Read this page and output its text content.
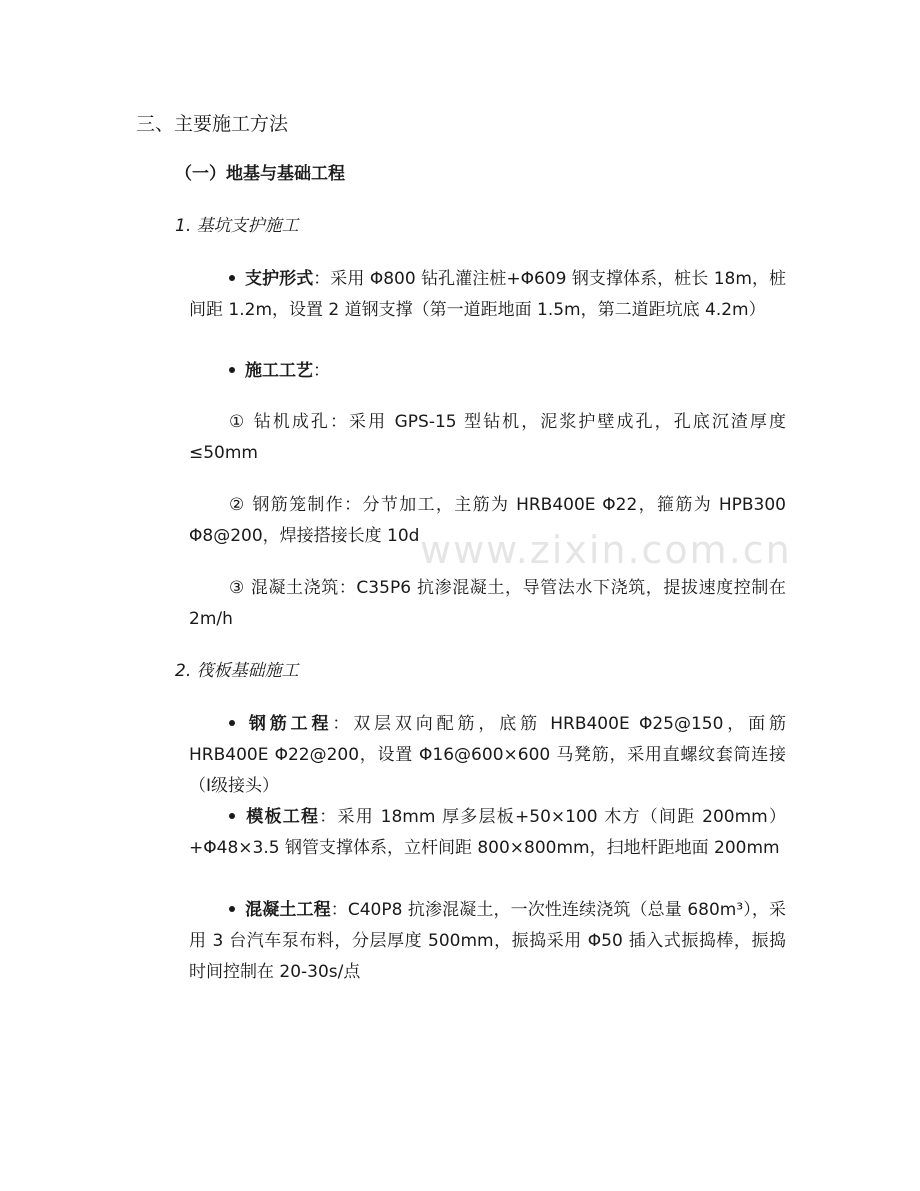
三、主要施工方法
（一）地基与基础工程
1. 基坑支护施工
支护形式：采用 Φ800 钻孔灌注桩+Φ609 钢支撑体系，桩长 18m，桩间距 1.2m，设置 2 道钢支撑（第一道距地面 1.5m，第二道距坑底 4.2m）
施工工艺：
① 钻机成孔：采用 GPS-15 型钻机，泥浆护壁成孔，孔底沉渣厚度≤50mm
② 钢筋笼制作：分节加工，主筋为 HRB400E Φ22，箍筋为 HPB300 Φ8@200，焊接搭接长度 10d
③ 混凝土浇筑：C35P6 抗渗混凝土，导管法水下浇筑，提拔速度控制在 2m/h
2. 筏板基础施工
钢筋工程：双层双向配筋，底筋 HRB400E Φ25@150，面筋 HRB400E Φ22@200，设置 Φ16@600×600 马凳筋，采用直螺纹套筒连接（Ⅰ级接头）
模板工程：采用 18mm 厚多层板+50×100 木方（间距 200mm）+Φ48×3.5 钢管支撑体系，立杆间距 800×800mm，扫地杆距地面 200mm
混凝土工程：C40P8 抗渗混凝土，一次性连续浇筑（总量 680m³），采用 3 台汽车泵布料，分层厚度 500mm，振捣采用 Φ50 插入式振捣棒，振捣时间控制在 20-30s/点
www.zixin.com.cn
